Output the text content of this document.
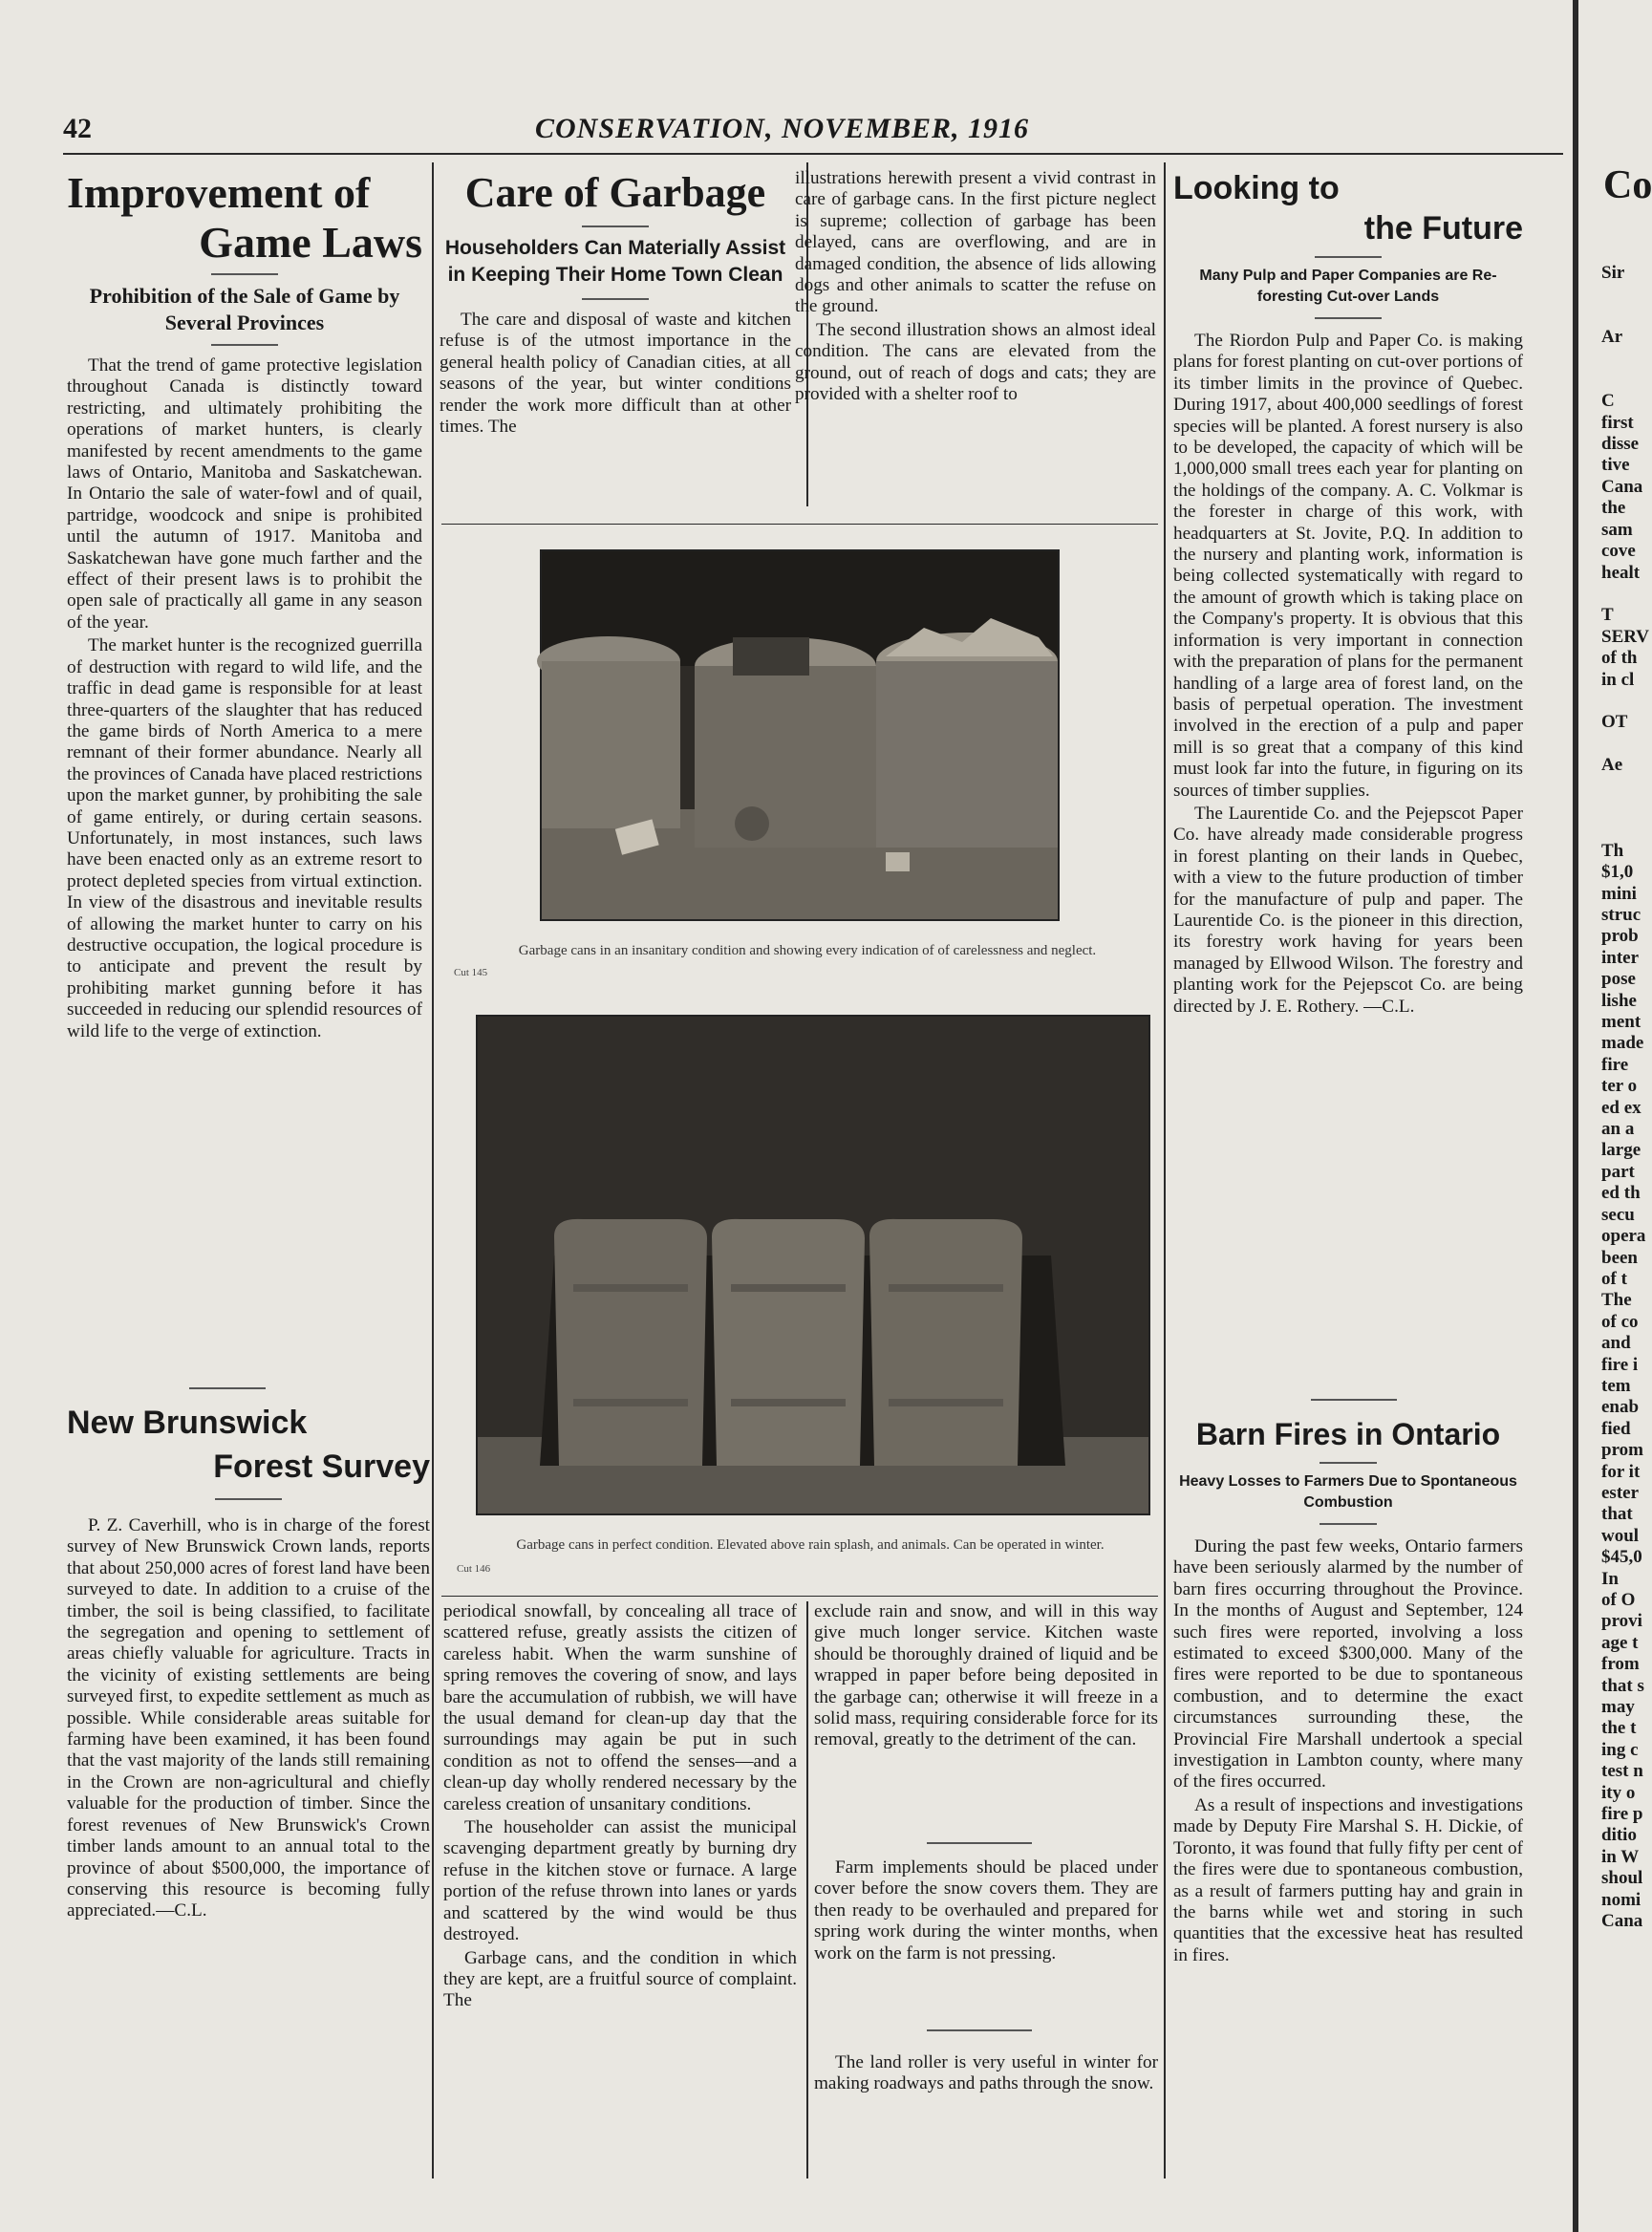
42	CONSERVATION, NOVEMBER, 1916
Improvement of
Game Laws
Prohibition of the Sale of Game by Several Provinces

That the trend of game protective legislation throughout Canada is distinctly toward restricting, and ultimately prohibiting the operations of market hunters, is clearly manifested by recent amendments to the game laws of Ontario, Manitoba and Saskatchewan. In Ontario the sale of water-fowl and of quail, partridge, woodcock and snipe is prohibited until the autumn of 1917. Manitoba and Saskatchewan have gone much farther and the effect of their present laws is to prohibit the open sale of practically all game in any season of the year.

The market hunter is the recognized guerrilla of destruction with regard to wild life, and the traffic in dead game is responsible for at least three-quarters of the slaughter that has reduced the game birds of North America to a mere remnant of their former abundance. Nearly all the provinces of Canada have placed restrictions upon the market gunner, by prohibiting the sale of game entirely, or during certain seasons. Unfortunately, in most instances, such laws have been enacted only as an extreme resort to protect depleted species from virtual extinction. In view of the disastrous and inevitable results of allowing the market hunter to carry on his destructive occupation, the logical procedure is to anticipate and prevent the result by prohibiting market gunning before it has succeeded in reducing our splendid resources of wild life to the verge of extinction.

New Brunswick
Forest Survey

P. Z. Caverhill, who is in charge of the forest survey of New Brunswick Crown lands, reports that about 250,000 acres of forest land have been surveyed to date. In addition to a cruise of the timber, the soil is being classified, to facilitate the segregation and opening to settlement of areas chiefly valuable for agriculture. Tracts in the vicinity of existing settlements are being surveyed first, to expedite settlement as much as possible. While considerable areas suitable for farming have been examined, it has been found that the vast majority of the lands still remaining in the Crown are non-agricultural and chiefly valuable for the production of timber. Since the forest revenues of New Brunswick's Crown timber lands amount to an annual total to the province of about $500,000, the importance of conserving this resource is becoming fully appreciated.—C.L.

Care of Garbage
Householders Can Materially Assist in Keeping Their Home Town Clean

The care and disposal of waste and kitchen refuse is of the utmost importance in the general health policy of Canadian cities, at all seasons of the year, but winter conditions render the work more difficult than at other times. The

illustrations herewith present a vivid contrast in care of garbage cans. In the first picture neglect is supreme; collection of garbage has been delayed, cans are overflowing, and are in damaged condition, the absence of lids allowing dogs and other animals to scatter the refuse on the ground.

The second illustration shows an almost ideal condition. The cans are elevated from the ground, out of reach of dogs and cats; they are provided with a shelter roof to

Garbage cans in an insanitary condition and showing every indication of of carelessness and neglect.
Cut 145
Garbage cans in perfect condition. Elevated above rain splash, and animals. Can be operated in winter.
Cut 146

periodical snowfall, by concealing all trace of scattered refuse, greatly assists the citizen of careless habit. When the warm sunshine of spring removes the covering of snow, and lays bare the accumulation of rubbish, we will have the usual demand for clean-up day that the surroundings may again be put in such condition as not to offend the senses—and a clean-up day wholly rendered necessary by the careless creation of unsanitary conditions.

The householder can assist the municipal scavenging department greatly by burning dry refuse in the kitchen stove or furnace. A large portion of the refuse thrown into lanes or yards and scattered by the wind would be thus destroyed.

Garbage cans, and the condition in which they are kept, are a fruitful source of complaint. The

exclude rain and snow, and will in this way give much longer service. Kitchen waste should be thoroughly drained of liquid and be wrapped in paper before being deposited in the garbage can; otherwise it will freeze in a solid mass, requiring considerable force for its removal, greatly to the detriment of the can.

Farm implements should be placed under cover before the snow covers them. They are then ready to be overhauled and prepared for spring work during the winter months, when work on the farm is not pressing.

The land roller is very useful in winter for making roadways and paths through the snow.

Looking to
the Future
Many Pulp and Paper Companies are Re-foresting Cut-over Lands

The Riordon Pulp and Paper Co. is making plans for forest planting on cut-over portions of its timber limits in the province of Quebec. During 1917, about 400,000 seedlings of forest species will be planted. A forest nursery is also to be developed, the capacity of which will be 1,000,000 small trees each year for planting on the holdings of the company. A. C. Volkmar is the forester in charge of this work, with headquarters at St. Jovite, P.Q. In addition to the nursery and planting work, information is being collected systematically with regard to the amount of growth which is taking place on the Company's property. It is obvious that this information is very important in connection with the preparation of plans for the permanent handling of a large area of forest land, on the basis of perpetual operation. The investment involved in the erection of a pulp and paper mill is so great that a company of this kind must look far into the future, in figuring on its sources of timber supplies.

The Laurentide Co. and the Pejepscot Paper Co. have already made considerable progress in forest planting on their lands in Quebec, with a view to the future production of timber for the manufacture of pulp and paper. The Laurentide Co. is the pioneer in this direction, its forestry work having for years been managed by Ellwood Wilson. The forestry and planting work for the Pejepscot Co. are being directed by J. E. Rothery. —C.L.

Barn Fires in Ontario
Heavy Losses to Farmers Due to Spontaneous Combustion

During the past few weeks, Ontario farmers have been seriously alarmed by the number of barn fires occurring throughout the Province. In the months of August and September, 124 such fires were reported, involving a loss estimated to exceed $300,000. Many of the fires were reported to be due to spontaneous combustion, and to determine the exact circumstances surrounding these, the Provincial Fire Marshall undertook a special investigation in Lambton county, where many of the fires occurred.

As a result of inspections and investigations made by Deputy Fire Marshal S. H. Dickie, of Toronto, it was found that fully fifty per cent of the fires were due to spontaneous combustion, as a result of farmers putting hay and grain in the barns while wet and storing in such quantities that the excessive heat has resulted in fires.

Co

Sir

Ar

C
first
disse
tive
Cana
the
sam
cove
healt

T
SERV
of th
in cl

OT

Ae

Th
$1,0
mini
struc
prob
inter
pose
lishe
ment
made
fire
ter o
ed ex
an a
large
part
ed th
secu
opera
been
of t
The
of co
and
fire i
tem
enab
fied
prom
for it
ester
that
woul
$45,0
In
of O
provi
age t
from
that s
may
the t
ing c
test n
ity o
fire p
ditio
in W
shoul
nomi
Cana
